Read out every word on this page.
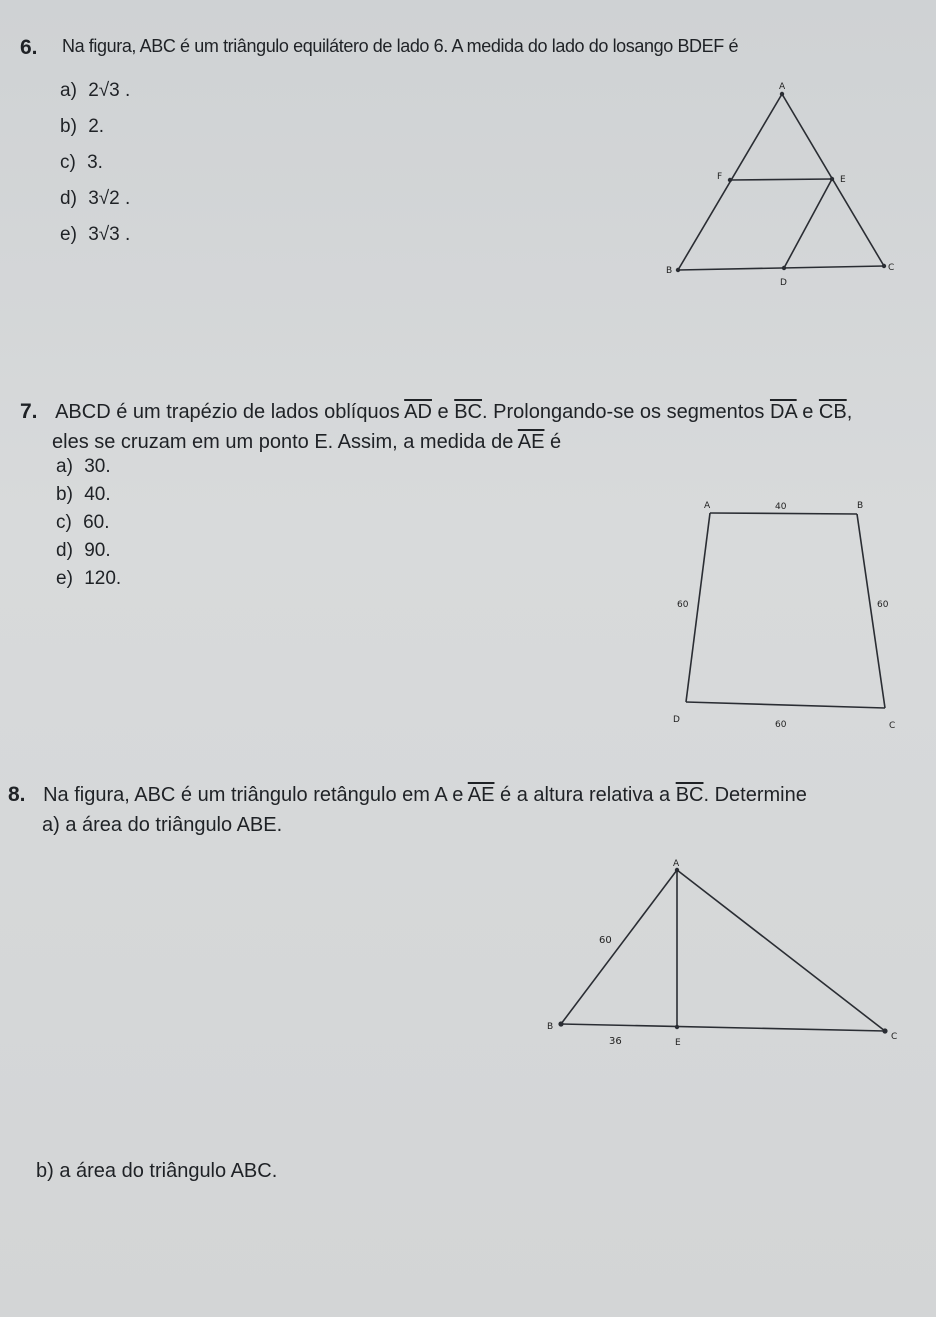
6. Na figura, ABC é um triângulo equilátero de lado 6. A medida do lado do losango BDEF é
a) 2√3 .
b) 2.
c) 3.
d) 3√2 .
e) 3√3 .
A
F	E
B
D
C
7. ABCD é um trapézio de lados oblíquos $\overline{AD}$ e $\overline{BC}$. Prolongando-se os segmentos $\overline{DA}$ e $\overline{CB}$,
eles se cruzam em um ponto E. Assim, a medida de $\overline{AE}$ é
a) 30.
b) 40.
c) 60.
d) 90.
e) 120.
A	B
D
C
40
60	60
60
8. Na figura, ABC é um triângulo retângulo em A e $\overline{AE}$ é a altura relativa a $\overline{BC}$. Determine
a) a área do triângulo ABE.
A
B
E
C
60
36
b) a área do triângulo ABC.
